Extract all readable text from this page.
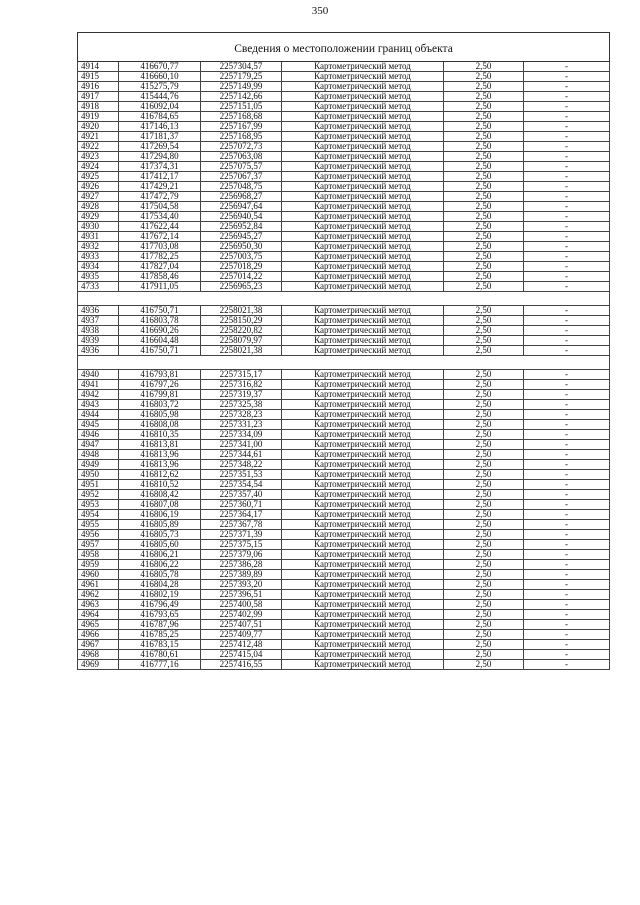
350
Сведения о местоположении границ объекта					
4914	416670,77	2257304,57	Картометрический метод	2,50	-
4915	416660,10	2257179,25	Картометрический метод	2,50	-
4916	415275,79	2257149,99	Картометрический метод	2,50	-
4917	415444,76	2257142,66	Картометрический метод	2,50	-
4918	416092,04	2257151,05	Картометрический метод	2,50	-
4919	416784,65	2257168,68	Картометрический метод	2,50	-
4920	417146,13	2257167,99	Картометрический метод	2,50	-
4921	417181,37	2257168,95	Картометрический метод	2,50	-
4922	417269,54	2257072,73	Картометрический метод	2,50	-
4923	417294,80	2257063,08	Картометрический метод	2,50	-
4924	417374,31	2257075,57	Картометрический метод	2,50	-
4925	417412,17	2257067,37	Картометрический метод	2,50	-
4926	417429,21	2257048,75	Картометрический метод	2,50	-
4927	417472,79	2256968,27	Картометрический метод	2,50	-
4928	417504,58	2256947,64	Картометрический метод	2,50	-
4929	417534,40	2256940,54	Картометрический метод	2,50	-
4930	417622,44	2256952,84	Картометрический метод	2,50	-
4931	417672,14	2256945,27	Картометрический метод	2,50	-
4932	417703,08	2256950,30	Картометрический метод	2,50	-
4933	417782,25	2257003,75	Картометрический метод	2,50	-
4934	417827,04	2257018,29	Картометрический метод	2,50	-
4935	417858,46	2257014,22	Картометрический метод	2,50	-
4733	417911,05	2256965,23	Картометрический метод	2,50	-

4936	416750,71	2258021,38	Картометрический метод	2,50	-
4937	416803,78	2258150,29	Картометрический метод	2,50	-
4938	416690,26	2258220,82	Картометрический метод	2,50	-
4939	416604,48	2258079,97	Картометрический метод	2,50	-
4936	416750,71	2258021,38	Картометрический метод	2,50	-

4940	416793,81	2257315,17	Картометрический метод	2,50	-
4941	416797,26	2257316,82	Картометрический метод	2,50	-
4942	416799,81	2257319,37	Картометрический метод	2,50	-
4943	416803,72	2257325,38	Картометрический метод	2,50	-
4944	416805,98	2257328,23	Картометрический метод	2,50	-
4945	416808,08	2257331,23	Картометрический метод	2,50	-
4946	416810,35	2257334,09	Картометрический метод	2,50	-
4947	416813,81	2257341,00	Картометрический метод	2,50	-
4948	416813,96	2257344,61	Картометрический метод	2,50	-
4949	416813,96	2257348,22	Картометрический метод	2,50	-
4950	416812,62	2257351,53	Картометрический метод	2,50	-
4951	416810,52	2257354,54	Картометрический метод	2,50	-
4952	416808,42	2257357,40	Картометрический метод	2,50	-
4953	416807,08	2257360,71	Картометрический метод	2,50	-
4954	416806,19	2257364,17	Картометрический метод	2,50	-
4955	416805,89	2257367,78	Картометрический метод	2,50	-
4956	416805,73	2257371,39	Картометрический метод	2,50	-
4957	416805,60	2257375,15	Картометрический метод	2,50	-
4958	416806,21	2257379,06	Картометрический метод	2,50	-
4959	416806,22	2257386,28	Картометрический метод	2,50	-
4960	416805,78	2257389,89	Картометрический метод	2,50	-
4961	416804,28	2257393,20	Картометрический метод	2,50	-
4962	416802,19	2257396,51	Картометрический метод	2,50	-
4963	416796,49	2257400,58	Картометрический метод	2,50	-
4964	416793,65	2257402,99	Картометрический метод	2,50	-
4965	416787,96	2257407,51	Картометрический метод	2,50	-
4966	416785,25	2257409,77	Картометрический метод	2,50	-
4967	416783,15	2257412,48	Картометрический метод	2,50	-
4968	416780,61	2257415,04	Картометрический метод	2,50	-
4969	416777,16	2257416,55	Картометрический метод	2,50	-
